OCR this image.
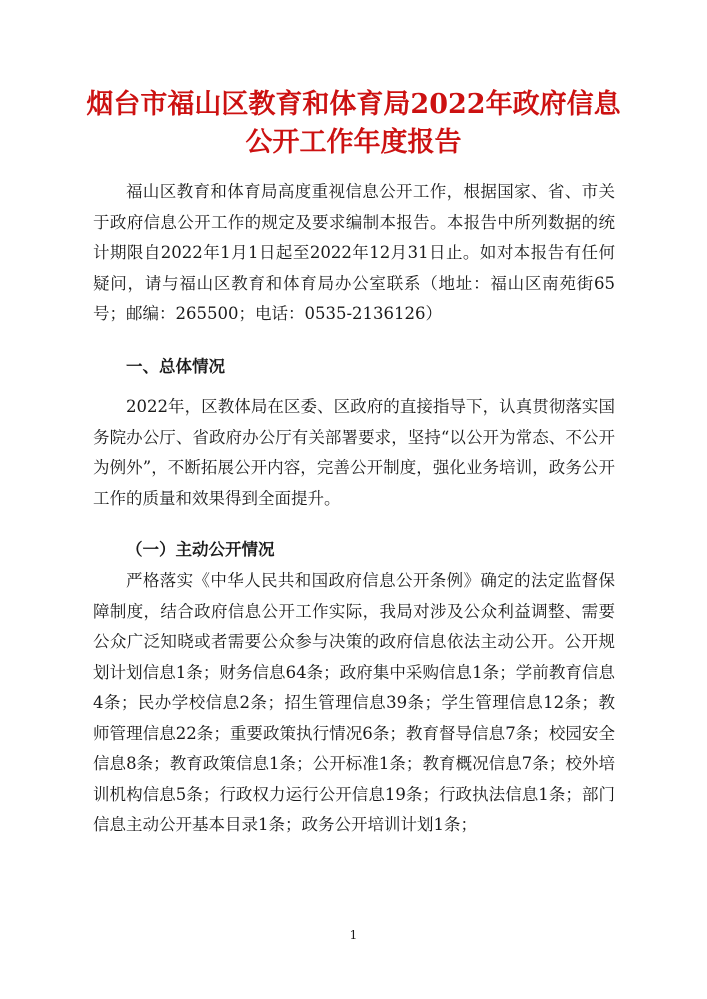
烟台市福山区教育和体育局2022年政府信息
公开工作年度报告

福山区教育和体育局高度重视信息公开工作，根据国家、省、市关于政府信息公开工作的规定及要求编制本报告。本报告中所列数据的统计期限自2022年1月1日起至2022年12月31日止。如对本报告有任何疑问，请与福山区教育和体育局办公室联系（地址：福山区南苑街65号；邮编：265500；电话：0535-2136126）

一、总体情况

2022年，区教体局在区委、区政府的直接指导下，认真贯彻落实国务院办公厅、省政府办公厅有关部署要求，坚持“以公开为常态、不公开为例外”，不断拓展公开内容，完善公开制度，强化业务培训，政务公开工作的质量和效果得到全面提升。

（一）主动公开情况

严格落实《中华人民共和国政府信息公开条例》确定的法定监督保障制度，结合政府信息公开工作实际，我局对涉及公众利益调整、需要公众广泛知晓或者需要公众参与决策的政府信息依法主动公开。公开规划计划信息1条；财务信息64条；政府集中采购信息1条；学前教育信息4条；民办学校信息2条；招生管理信息39条；学生管理信息12条；教师管理信息22条；重要政策执行情况6条；教育督导信息7条；校园安全信息8条；教育政策信息1条；公开标准1条；教育概况信息7条；校外培训机构信息5条；行政权力运行公开信息19条；行政执法信息1条；部门信息主动公开基本目录1条；政务公开培训计划1条；

1
